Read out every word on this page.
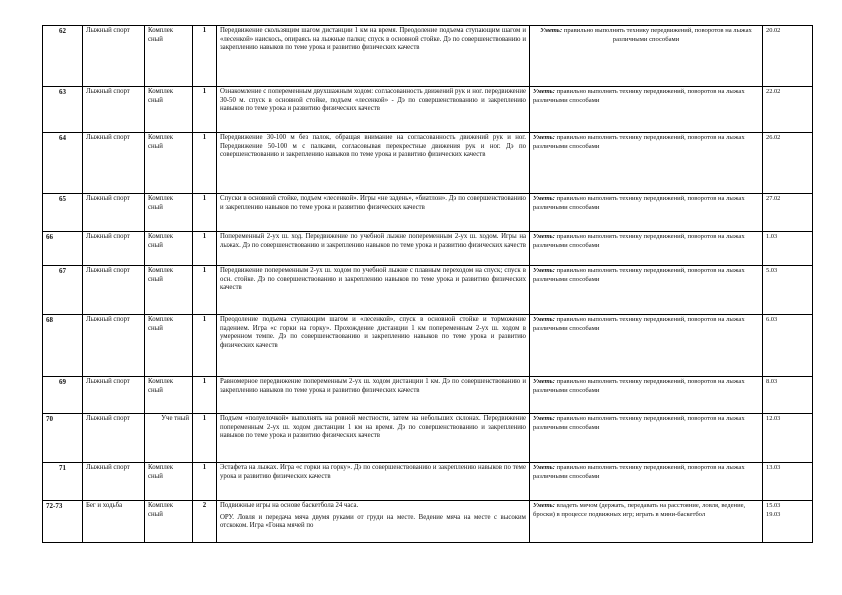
62	Лыжный спорт	Комплек сный	1	Передвижение скользящим шагом дистанции 1 км на время. Преодоление подъема ступающим шагом и «лесенкой» наискось, опираясь на лыжные палки; спуск в основной стойке. Дэ по совершенствованию и закреплению навыков по теме урока и развитию физических качеств	Уметь: правильно выполнять технику передвижений, поворотов на лыжах различными способами	20.02
63	Лыжный спорт	Комплек сный	1	Ознакомление с попеременным двухшажным ходом: согласованность движений рук и ног. передвижение 30-50 м. спуск в основной стойке, подъем «лесенкой» - Дэ по совершенствованию и закреплению навыков по теме урока и развитию физических качеств	Уметь: правильно выполнять технику передвижений, поворотов на лыжах различными способами	22.02
64	Лыжный спорт	Комплек сный	1	Передвижение 30-100 м без палок, обращая внимание на согласованность движений рук и ног. Передвижение 50-100 м с палками, согласовывая перекрестные движения рук и ног. Дэ по совершенствованию и закреплению навыков по теме урока и развитию физических качеств	Уметь: правильно выполнять технику передвижений, поворотов на лыжах различными способами	26.02
65	Лыжный спорт	Комплек сный	1	Спуски в основной стойке, подъем «лесенкой». Игры «не задень», «биатлон». Дэ по совершенствованию и закреплению навыков по теме урока и развитию физических качеств	Уметь: правильно выполнять технику передвижений, поворотов на лыжах различными способами	27.02
66	Лыжный спорт	Комплек сный	1	Попеременный 2-ух ш. ход. Передвижение по учебной лыжне попеременным 2-ух ш. ходом. Игры на лыжах. Дэ по совершенствованию и закреплению навыков по теме урока и развитию физических качеств	Уметь: правильно выполнять технику передвижений, поворотов на лыжах различными способами	1.03
67	Лыжный спорт	Комплек сный	1	Передвижение попеременным 2-ух ш. ходом по учебной лыжне с плавным переходом на спуск; спуск в осн. стойке. Дэ по совершенствованию и закреплению навыков по теме урока и развитию физических качеств	Уметь: правильно выполнять технику передвижений, поворотов на лыжах различными способами	5.03
68	Лыжный спорт	Комплек сный	1	Преодоление подъема ступающим шагом и «лесенкой», спуск в основной стойке и торможение падением. Игра «с горки на горку». Прохождение дистанции 1 км попеременным 2-ух ш. ходом в умеренном темпе. Дэ по совершенствованию и закреплению навыков по теме урока и развитию физических качеств	Уметь: правильно выполнять технику передвижений, поворотов на лыжах различными способами	6.03
69	Лыжный спорт	Комплек сный	1	Равномерное передвижение попеременным 2-ух ш. ходом дистанции 1 км. Дэ по совершенствованию и закреплению навыков по теме урока и развитию физических качеств	Уметь: правильно выполнять технику передвижений, поворотов на лыжах различными способами	8.03
70	Лыжный спорт	Уче тный	1	Подъем «полуелочкой» выполнять на ровной местности, затем на небольших склонах. Передвижение попеременным 2-ух ш. ходом дистанции 1 км на время. Дэ по совершенствованию и закреплению навыков по теме урока и развитию физических качеств	Уметь: правильно выполнять технику передвижений, поворотов на лыжах различными способами	12.03
71	Лыжный спорт	Комплек сный	1	Эстафета на лыжах. Игра «с горки на горку». Дэ по совершенствованию и закреплению навыков по теме урока и развитию физических качеств	Уметь: правильно выполнять технику передвижений, поворотов на лыжах различными способами	13.03
72-73	Бег и ходьба	Комплек сный	2	Подвижные игры на основе баскетбола 24 часа.
ОРУ. Ловля и передача мяча двумя руками от груди на месте. Ведение мяча на месте с высоким отскоком. Игра «Гонка мячей по	Уметь: владеть мячом (держать, передавать на расстояние, ловля, ведение, броски) в процессе подвижных игр; играть в мини-баскетбол	15.03 19.03
